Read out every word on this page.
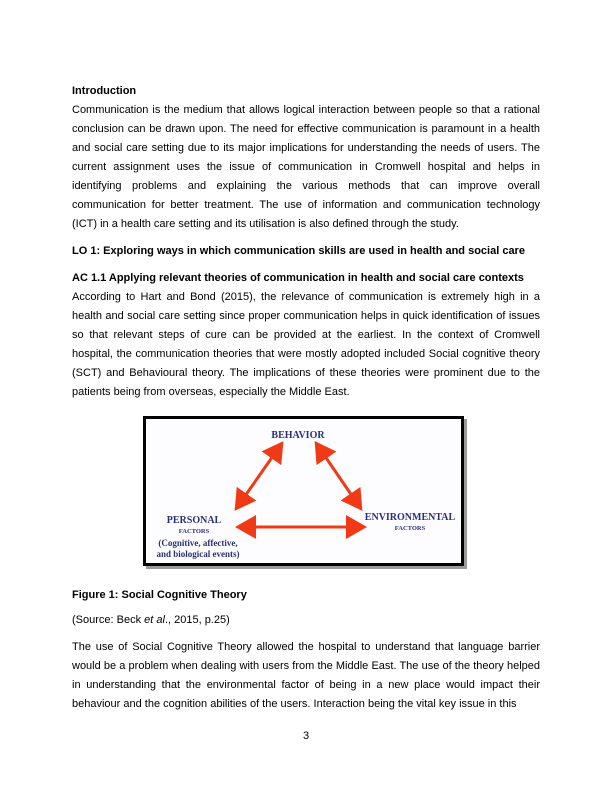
Introduction

Communication is the medium that allows logical interaction between people so that a rational conclusion can be drawn upon. The need for effective communication is paramount in a health and social care setting due to its major implications for understanding the needs of users. The current assignment uses the issue of communication in Cromwell hospital and helps in identifying problems and explaining the various methods that can improve overall communication for better treatment. The use of information and communication technology (ICT) in a health care setting and its utilisation is also defined through the study.

LO 1: Exploring ways in which communication skills are used in health and social care

AC 1.1 Applying relevant theories of communication in health and social care contexts

According to Hart and Bond (2015), the relevance of communication is extremely high in a health and social care setting since proper communication helps in quick identification of issues so that relevant steps of cure can be provided at the earliest. In the context of Cromwell hospital, the communication theories that were mostly adopted included Social cognitive theory (SCT) and Behavioural theory. The implications of these theories were prominent due to the patients being from overseas, especially the Middle East.

BEHAVIOR
PERSONAL
FACTORS
(Cognitive, affective,
and biological events)
ENVIRONMENTAL
FACTORS

Figure 1: Social Cognitive Theory

(Source: Beck et al., 2015, p.25)

The use of Social Cognitive Theory allowed the hospital to understand that language barrier would be a problem when dealing with users from the Middle East. The use of the theory helped in understanding that the environmental factor of being in a new place would impact their behaviour and the cognition abilities of the users. Interaction being the vital key issue in this

3
